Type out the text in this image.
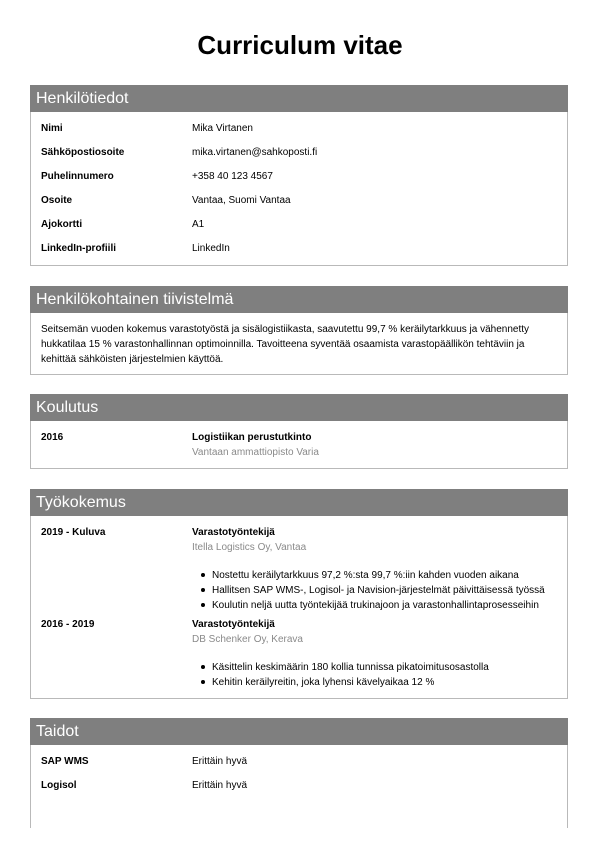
Curriculum vitae
Henkilötiedot
Nimi	Mika Virtanen
Sähköpostiosoite	mika.virtanen@sahkoposti.fi
Puhelinnumero	+358 40 123 4567
Osoite	Vantaa, Suomi Vantaa
Ajokortti	A1
LinkedIn-profiili	LinkedIn
Henkilökohtainen tiivistelmä

Seitsemän vuoden kokemus varastotyöstä ja sisälogistiikasta, saavutettu 99,7 % keräilytarkkuus ja vähennetty hukkatilaa 15 % varastonhallinnan optimoinnilla. Tavoitteena syventää osaamista varastopäällikön tehtäviin ja kehittää sähköisten järjestelmien käyttöä.

Koulutus
2016	Logistiikan perustutkinto
Vantaan ammattiopisto Varia
Työkokemus
2019 - Kuluva	Varastotyöntekijä
Itella Logistics Oy, Vantaa
Nostettu keräilytarkkuus 97,2 %:sta 99,7 %:iin kahden vuoden aikana
Hallitsen SAP WMS-, Logisol- ja Navision-järjestelmät päivittäisessä työssä
Koulutin neljä uutta työntekijää trukinajoon ja varastonhallintaprosesseihin
2016 - 2019	Varastotyöntekijä
DB Schenker Oy, Kerava
Käsittelin keskimäärin 180 kollia tunnissa pikatoimitusosastolla
Kehitin keräilyreitin, joka lyhensi kävelyaikaa 12 %
Taidot
SAP WMS	Erittäin hyvä
Logisol	Erittäin hyvä
